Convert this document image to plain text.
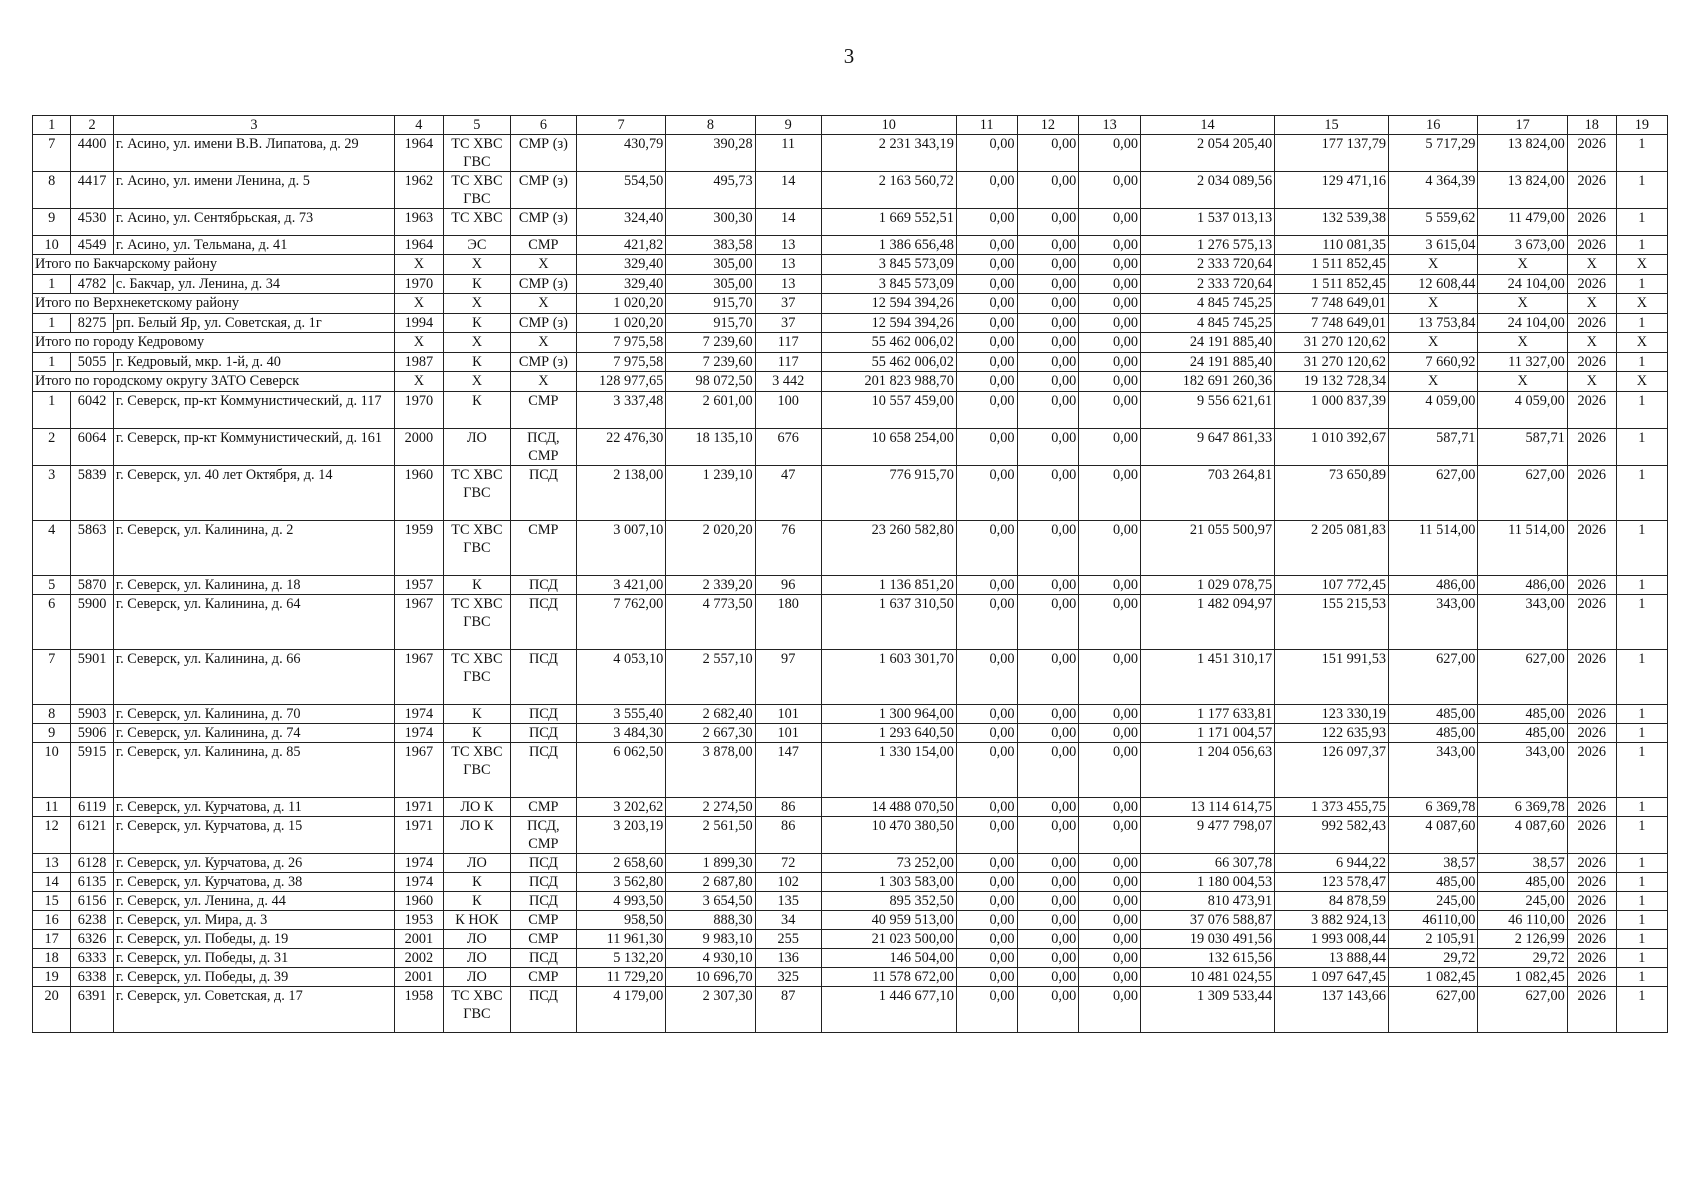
3
1	2	3	4	5	6	7	8	9	10	11	12	13	14	15	16	17	18	19
7	4400	г. Асино, ул. имени В.В. Липатова, д. 29	1964	ТС ХВС ГВС	СМР (з)	430,79	390,28	11	2 231 343,19	0,00	0,00	0,00	2 054 205,40	177 137,79	5 717,29	13 824,00	2026	1
8	4417	г. Асино, ул. имени Ленина, д. 5	1962	ТС ХВС ГВС	СМР (з)	554,50	495,73	14	2 163 560,72	0,00	0,00	0,00	2 034 089,56	129 471,16	4 364,39	13 824,00	2026	1
9	4530	г. Асино, ул. Сентябрьская, д. 73	1963	ТС ХВС	СМР (з)	324,40	300,30	14	1 669 552,51	0,00	0,00	0,00	1 537 013,13	132 539,38	5 559,62	11 479,00	2026	1
10	4549	г. Асино, ул. Тельмана, д. 41	1964	ЭС	СМР	421,82	383,58	13	1 386 656,48	0,00	0,00	0,00	1 276 575,13	110 081,35	3 615,04	3 673,00	2026	1
Итого по Бакчарскому району			Х	Х	Х	329,40	305,00	13	3 845 573,09	0,00	0,00	0,00	2 333 720,64	1 511 852,45	Х	Х	Х	Х
1	4782	с. Бакчар, ул. Ленина, д. 34	1970	К	СМР (з)	329,40	305,00	13	3 845 573,09	0,00	0,00	0,00	2 333 720,64	1 511 852,45	12 608,44	24 104,00	2026	1
Итого по Верхнекетскому району			Х	Х	Х	1 020,20	915,70	37	12 594 394,26	0,00	0,00	0,00	4 845 745,25	7 748 649,01	Х	Х	Х	Х
1	8275	рп. Белый Яр, ул. Советская, д. 1г	1994	К	СМР (з)	1 020,20	915,70	37	12 594 394,26	0,00	0,00	0,00	4 845 745,25	7 748 649,01	13 753,84	24 104,00	2026	1
Итого по городу Кедровому			Х	Х	Х	7 975,58	7 239,60	117	55 462 006,02	0,00	0,00	0,00	24 191 885,40	31 270 120,62	Х	Х	Х	Х
1	5055	г. Кедровый, мкр. 1-й, д. 40	1987	К	СМР (з)	7 975,58	7 239,60	117	55 462 006,02	0,00	0,00	0,00	24 191 885,40	31 270 120,62	7 660,92	11 327,00	2026	1
Итого по городскому округу ЗАТО Северск			Х	Х	Х	128 977,65	98 072,50	3 442	201 823 988,70	0,00	0,00	0,00	182 691 260,36	19 132 728,34	Х	Х	Х	Х
1	6042	г. Северск, пр-кт Коммунистический, д. 117	1970	К	СМР	3 337,48	2 601,00	100	10 557 459,00	0,00	0,00	0,00	9 556 621,61	1 000 837,39	4 059,00	4 059,00	2026	1
2	6064	г. Северск, пр-кт Коммунистический, д. 161	2000	ЛО	ПСД, СМР	22 476,30	18 135,10	676	10 658 254,00	0,00	0,00	0,00	9 647 861,33	1 010 392,67	587,71	587,71	2026	1
3	5839	г. Северск, ул. 40 лет Октября, д. 14	1960	ТС ХВС ГВС	ПСД	2 138,00	1 239,10	47	776 915,70	0,00	0,00	0,00	703 264,81	73 650,89	627,00	627,00	2026	1
4	5863	г. Северск, ул. Калинина, д. 2	1959	ТС ХВС ГВС	СМР	3 007,10	2 020,20	76	23 260 582,80	0,00	0,00	0,00	21 055 500,97	2 205 081,83	11 514,00	11 514,00	2026	1
5	5870	г. Северск, ул. Калинина, д. 18	1957	К	ПСД	3 421,00	2 339,20	96	1 136 851,20	0,00	0,00	0,00	1 029 078,75	107 772,45	486,00	486,00	2026	1
6	5900	г. Северск, ул. Калинина, д. 64	1967	ТС ХВС ГВС	ПСД	7 762,00	4 773,50	180	1 637 310,50	0,00	0,00	0,00	1 482 094,97	155 215,53	343,00	343,00	2026	1
7	5901	г. Северск, ул. Калинина, д. 66	1967	ТС ХВС ГВС	ПСД	4 053,10	2 557,10	97	1 603 301,70	0,00	0,00	0,00	1 451 310,17	151 991,53	627,00	627,00	2026	1
8	5903	г. Северск, ул. Калинина, д. 70	1974	К	ПСД	3 555,40	2 682,40	101	1 300 964,00	0,00	0,00	0,00	1 177 633,81	123 330,19	485,00	485,00	2026	1
9	5906	г. Северск, ул. Калинина, д. 74	1974	К	ПСД	3 484,30	2 667,30	101	1 293 640,50	0,00	0,00	0,00	1 171 004,57	122 635,93	485,00	485,00	2026	1
10	5915	г. Северск, ул. Калинина, д. 85	1967	ТС ХВС ГВС	ПСД	6 062,50	3 878,00	147	1 330 154,00	0,00	0,00	0,00	1 204 056,63	126 097,37	343,00	343,00	2026	1
11	6119	г. Северск, ул. Курчатова, д. 11	1971	ЛО К	СМР	3 202,62	2 274,50	86	14 488 070,50	0,00	0,00	0,00	13 114 614,75	1 373 455,75	6 369,78	6 369,78	2026	1
12	6121	г. Северск, ул. Курчатова, д. 15	1971	ЛО К	ПСД, СМР	3 203,19	2 561,50	86	10 470 380,50	0,00	0,00	0,00	9 477 798,07	992 582,43	4 087,60	4 087,60	2026	1
13	6128	г. Северск, ул. Курчатова, д. 26	1974	ЛО	ПСД	2 658,60	1 899,30	72	73 252,00	0,00	0,00	0,00	66 307,78	6 944,22	38,57	38,57	2026	1
14	6135	г. Северск, ул. Курчатова, д. 38	1974	К	ПСД	3 562,80	2 687,80	102	1 303 583,00	0,00	0,00	0,00	1 180 004,53	123 578,47	485,00	485,00	2026	1
15	6156	г. Северск, ул. Ленина, д. 44	1960	К	ПСД	4 993,50	3 654,50	135	895 352,50	0,00	0,00	0,00	810 473,91	84 878,59	245,00	245,00	2026	1
16	6238	г. Северск, ул. Мира, д. 3	1953	К НОК	СМР	958,50	888,30	34	40 959 513,00	0,00	0,00	0,00	37 076 588,87	3 882 924,13	46110,00	46 110,00	2026	1
17	6326	г. Северск, ул. Победы, д. 19	2001	ЛО	СМР	11 961,30	9 983,10	255	21 023 500,00	0,00	0,00	0,00	19 030 491,56	1 993 008,44	2 105,91	2 126,99	2026	1
18	6333	г. Северск, ул. Победы, д. 31	2002	ЛО	ПСД	5 132,20	4 930,10	136	146 504,00	0,00	0,00	0,00	132 615,56	13 888,44	29,72	29,72	2026	1
19	6338	г. Северск, ул. Победы, д. 39	2001	ЛО	СМР	11 729,20	10 696,70	325	11 578 672,00	0,00	0,00	0,00	10 481 024,55	1 097 647,45	1 082,45	1 082,45	2026	1
20	6391	г. Северск, ул. Советская, д. 17	1958	ТС ХВС ГВС	ПСД	4 179,00	2 307,30	87	1 446 677,10	0,00	0,00	0,00	1 309 533,44	137 143,66	627,00	627,00	2026	1
